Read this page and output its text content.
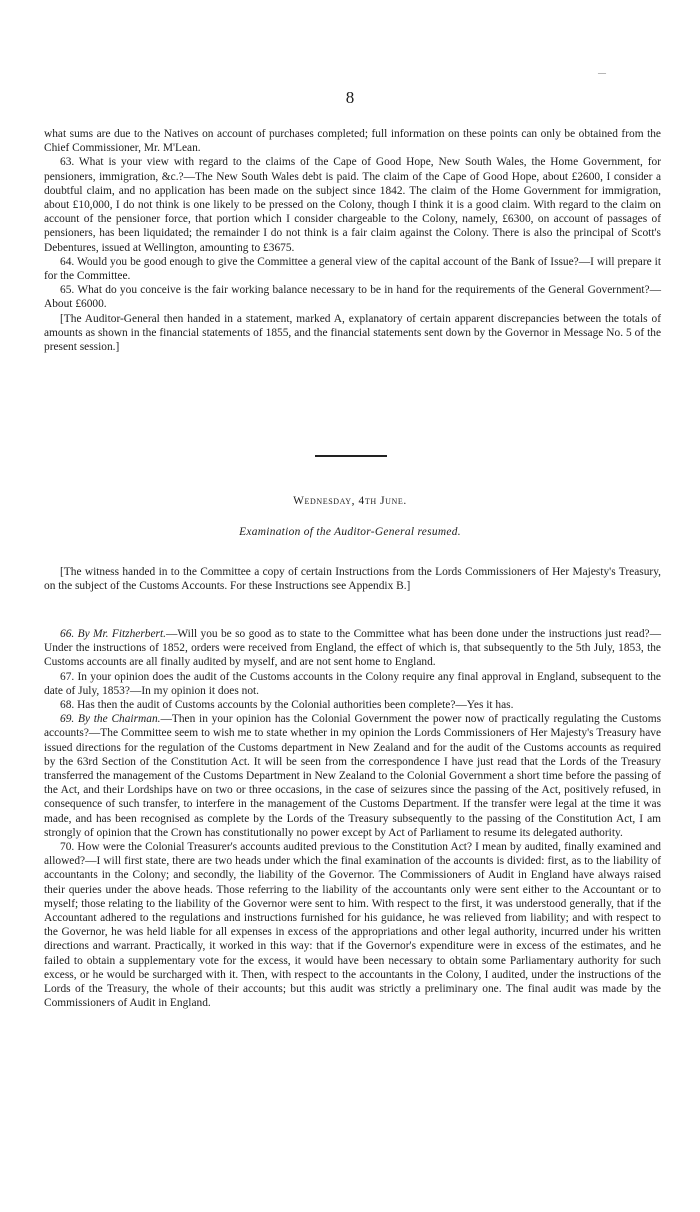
—
8

what sums are due to the Natives on account of purchases completed; full information on these points can only be obtained from the Chief Commissioner, Mr. M'Lean.

63. What is your view with regard to the claims of the Cape of Good Hope, New South Wales, the Home Government, for pensioners, immigration, &c.?—The New South Wales debt is paid. The claim of the Cape of Good Hope, about £2600, I consider a doubtful claim, and no application has been made on the subject since 1842. The claim of the Home Government for immigration, about £10,000, I do not think is one likely to be pressed on the Colony, though I think it is a good claim. With regard to the claim on account of the pensioner force, that portion which I consider chargeable to the Colony, namely, £6300, on account of passages of pensioners, has been liquidated; the remainder I do not think is a fair claim against the Colony. There is also the principal of Scott's Debentures, issued at Wellington, amounting to £3675.

64. Would you be good enough to give the Committee a general view of the capital account of the Bank of Issue?—I will prepare it for the Committee.

65. What do you conceive is the fair working balance necessary to be in hand for the requirements of the General Government?—About £6000.

[The Auditor-General then handed in a statement, marked A, explanatory of certain apparent discrepancies between the totals of amounts as shown in the financial statements of 1855, and the financial statements sent down by the Governor in Message No. 5 of the present session.]

Wednesday, 4th June.
Examination of the Auditor-General resumed.

[The witness handed in to the Committee a copy of certain Instructions from the Lords Commissioners of Her Majesty's Treasury, on the subject of the Customs Accounts. For these Instructions see Appendix B.]

66. By Mr. Fitzherbert.—Will you be so good as to state to the Committee what has been done under the instructions just read?—Under the instructions of 1852, orders were received from England, the effect of which is, that subsequently to the 5th July, 1853, the Customs accounts are all finally audited by myself, and are not sent home to England.

67. In your opinion does the audit of the Customs accounts in the Colony require any final approval in England, subsequent to the date of July, 1853?—In my opinion it does not.

68. Has then the audit of Customs accounts by the Colonial authorities been complete?—Yes it has.

69. By the Chairman.—Then in your opinion has the Colonial Government the power now of practically regulating the Customs accounts?—The Committee seem to wish me to state whether in my opinion the Lords Commissioners of Her Majesty's Treasury have issued directions for the regulation of the Customs department in New Zealand and for the audit of the Customs accounts as required by the 63rd Section of the Constitution Act. It will be seen from the correspondence I have just read that the Lords of the Treasury transferred the management of the Customs Department in New Zealand to the Colonial Government a short time before the passing of the Act, and their Lordships have on two or three occasions, in the case of seizures since the passing of the Act, positively refused, in consequence of such transfer, to interfere in the management of the Customs Department. If the transfer were legal at the time it was made, and has been recognised as complete by the Lords of the Treasury subsequently to the passing of the Constitution Act, I am strongly of opinion that the Crown has constitutionally no power except by Act of Parliament to resume its delegated authority.

70. How were the Colonial Treasurer's accounts audited previous to the Constitution Act? I mean by audited, finally examined and allowed?—I will first state, there are two heads under which the final examination of the accounts is divided: first, as to the liability of accountants in the Colony; and secondly, the liability of the Governor. The Commissioners of Audit in England have always raised their queries under the above heads. Those referring to the liability of the accountants only were sent either to the Accountant or to myself; those relating to the liability of the Governor were sent to him. With respect to the first, it was understood generally, that if the Accountant adhered to the regulations and instructions furnished for his guidance, he was relieved from liability; and with respect to the Governor, he was held liable for all expenses in excess of the appropriations and other legal authority, incurred under his written directions and warrant. Practically, it worked in this way: that if the Governor's expenditure were in excess of the estimates, and he failed to obtain a supplementary vote for the excess, it would have been necessary to obtain some Parliamentary authority for such excess, or he would be surcharged with it. Then, with respect to the accountants in the Colony, I audited, under the instructions of the Lords of the Treasury, the whole of their accounts; but this audit was strictly a preliminary one. The final audit was made by the Commissioners of Audit in England.
